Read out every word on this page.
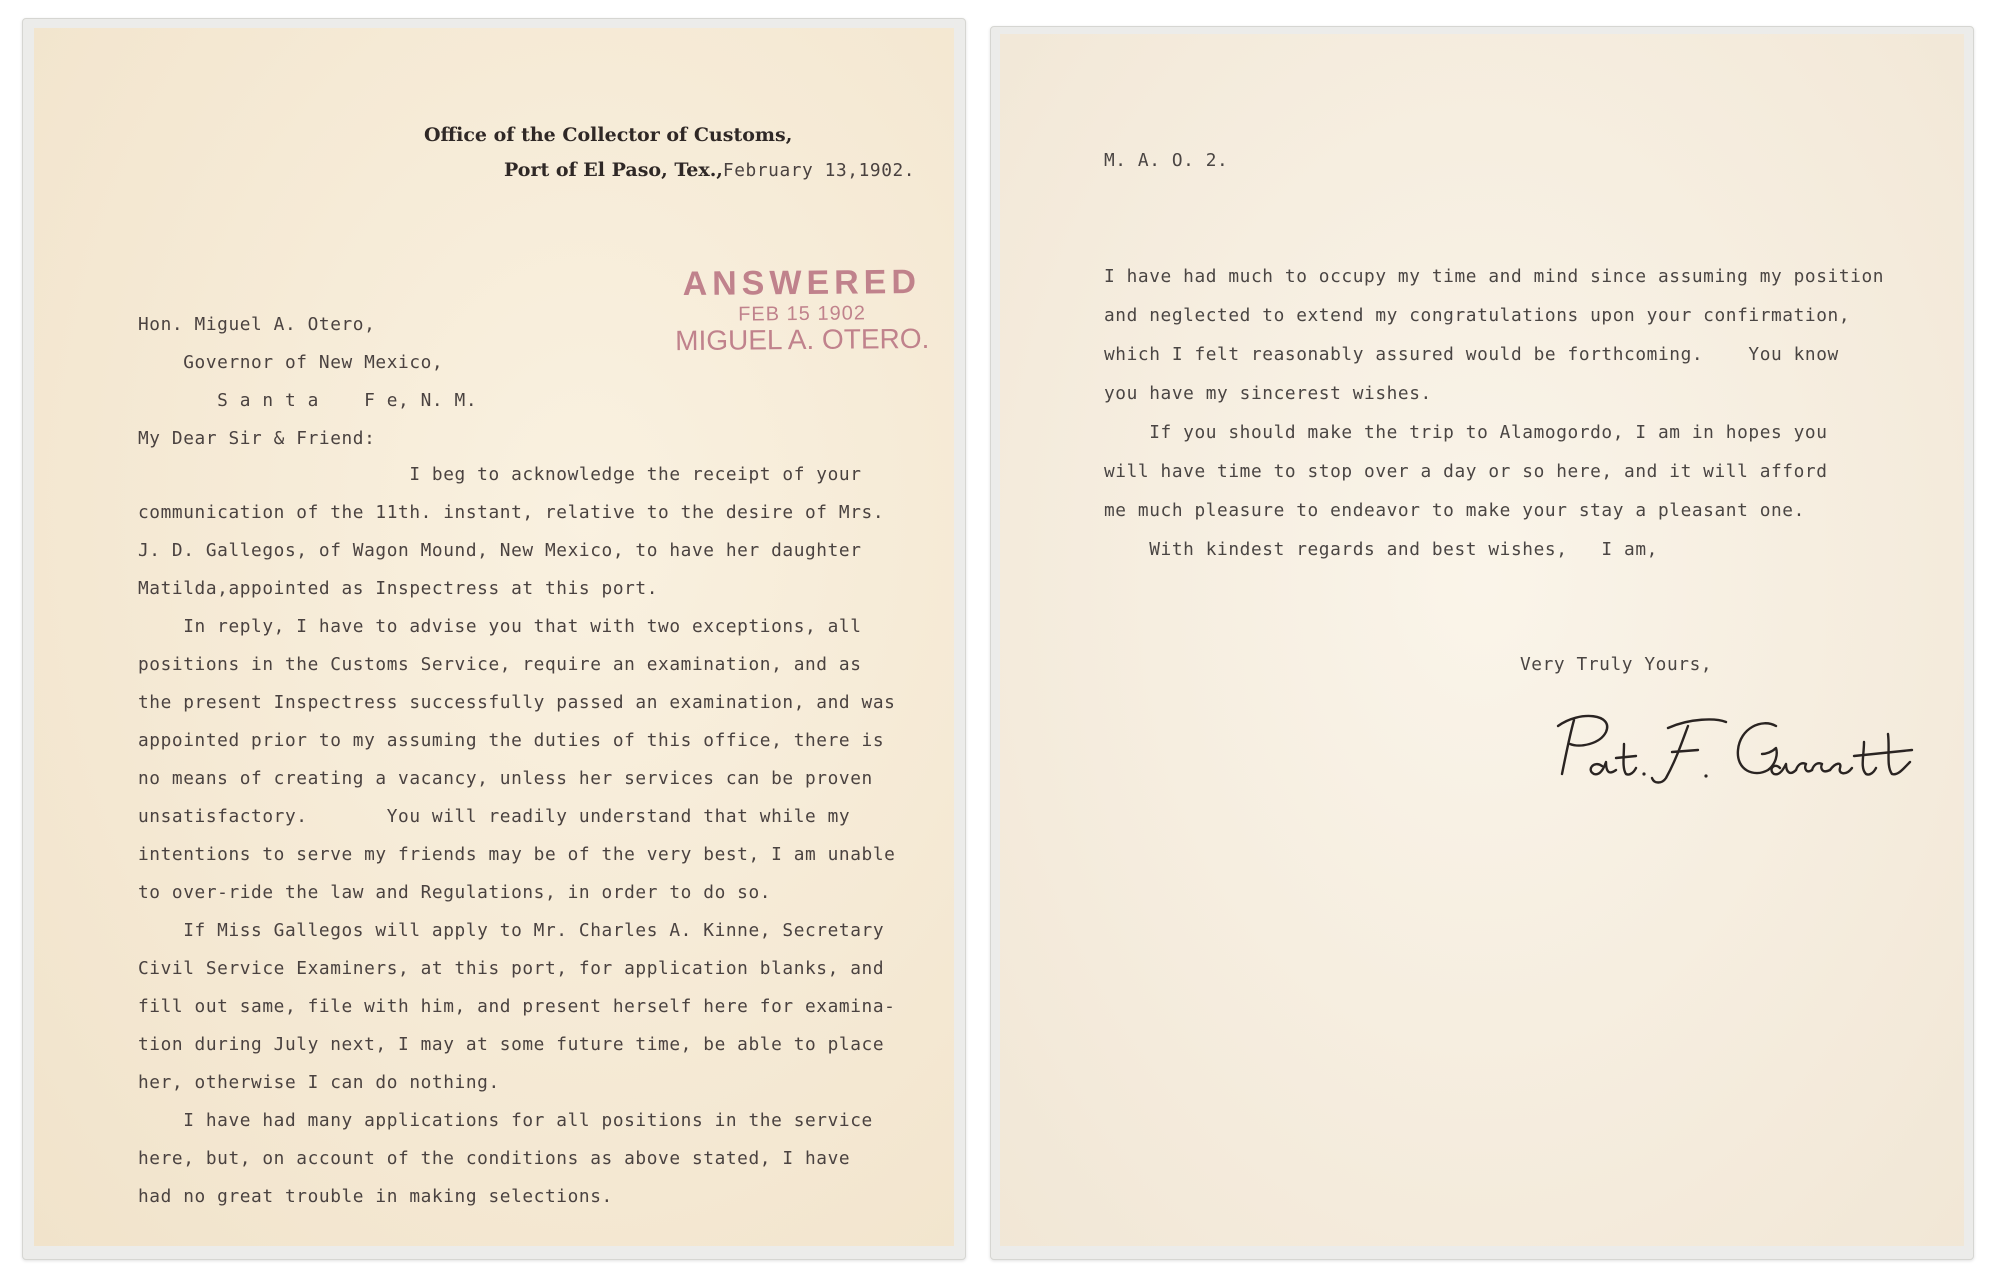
Office of the Collector of Customs,
Port of El Paso, Tex.,February 13,1902.
ANSWERED
FEB 15 1902
MIGUEL A. OTERO.
Hon. Miguel A. Otero,
Governor of New Mexico,
S a n t a    F e, N. M.
My Dear Sir & Friend:
I beg to acknowledge the receipt of your
communication of the 11th. instant, relative to the desire of Mrs.
J. D. Gallegos, of Wagon Mound, New Mexico, to have her daughter
Matilda,appointed as Inspectress at this port.
In reply, I have to advise you that with two exceptions, all
positions in the Customs Service, require an examination, and as
the present Inspectress successfully passed an examination, and was
appointed prior to my assuming the duties of this office, there is
no means of creating a vacancy, unless her services can be proven
unsatisfactory.       You will readily understand that while my
intentions to serve my friends may be of the very best, I am unable
to over-ride the law and Regulations, in order to do so.
If Miss Gallegos will apply to Mr. Charles A. Kinne, Secretary
Civil Service Examiners, at this port, for application blanks, and
fill out same, file with him, and present herself here for examina-
tion during July next, I may at some future time, be able to place
her, otherwise I can do nothing.
I have had many applications for all positions in the service
here, but, on account of the conditions as above stated, I have
had no great trouble in making selections.
M. A. O. 2.
I have had much to occupy my time and mind since assuming my position
and neglected to extend my congratulations upon your confirmation,
which I felt reasonably assured would be forthcoming.    You know
you have my sincerest wishes.
If you should make the trip to Alamogordo, I am in hopes you
will have time to stop over a day or so here, and it will afford
me much pleasure to endeavor to make your stay a pleasant one.
With kindest regards and best wishes,   I am,
Very Truly Yours,
